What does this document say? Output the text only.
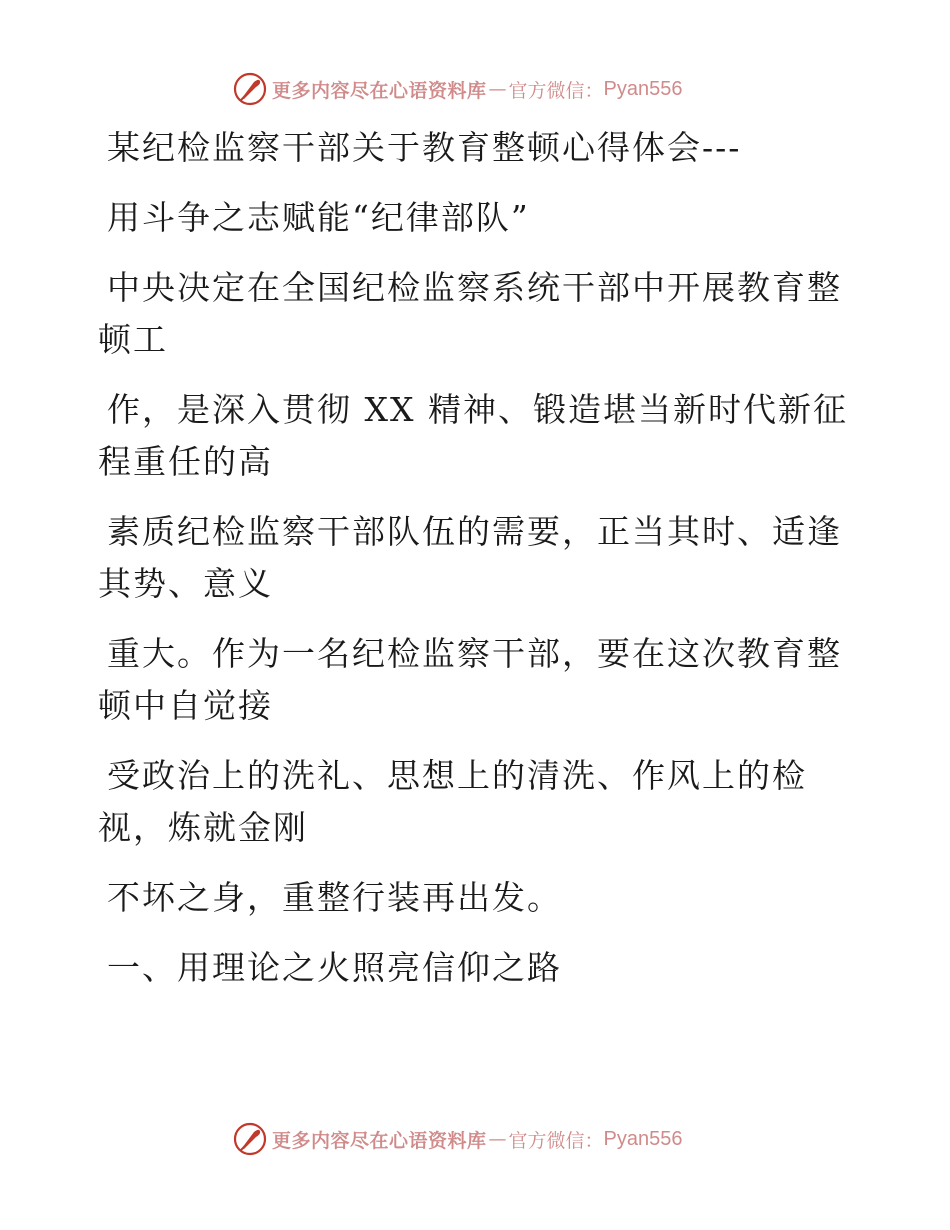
更多内容尽在心语资料库 — 官方微信： Pyan556
某纪检监察干部关于教育整顿心得体会---
用斗争之志赋能“纪律部队”
中央决定在全国纪检监察系统干部中开展教育整
顿工
作，是深入贯彻 XX 精神、锻造堪当新时代新征
程重任的高
素质纪检监察干部队伍的需要，正当其时、适逢
其势、意义
重大。作为一名纪检监察干部，要在这次教育整
顿中自觉接
受政治上的洗礼、思想上的清洗、作风上的检
视，炼就金刚
不坏之身，重整行装再出发。
一、用理论之火照亮信仰之路
更多内容尽在心语资料库 — 官方微信： Pyan556
